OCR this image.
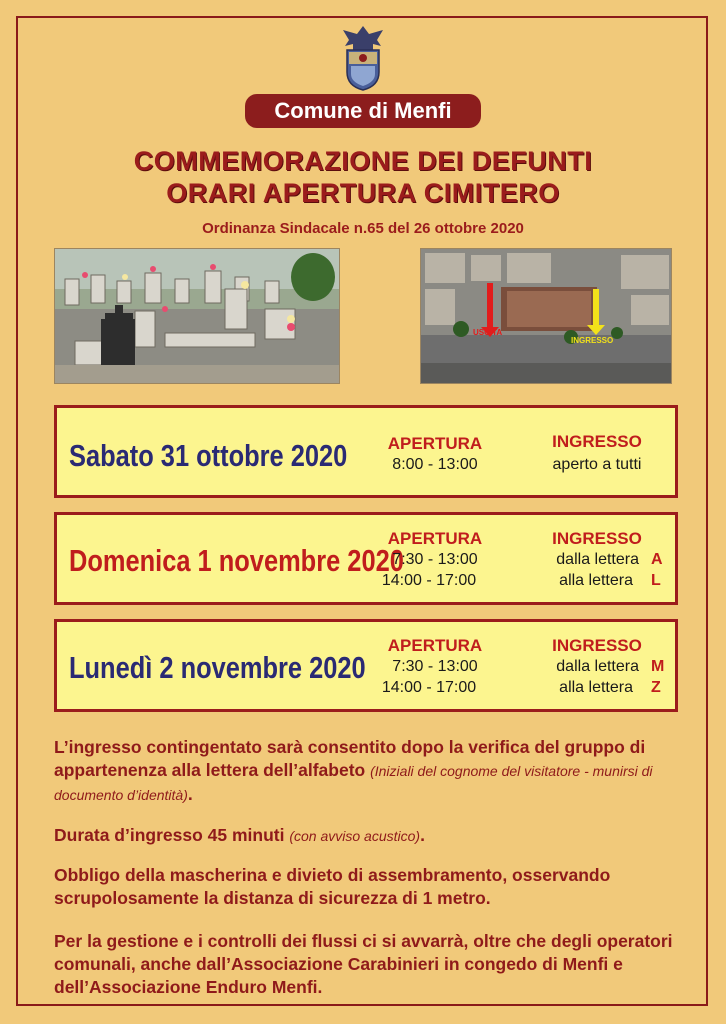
Comune di Menfi
COMMEMORAZIONE DEI DEFUNTI
ORARI APERTURA CIMITERO
Ordinanza Sindacale n.65 del 26 ottobre 2020
USCITA
INGRESSO
Sabato 31 ottobre 2020	APERTURA
8:00 - 13:00
INGRESSO
aperto a tutti
Domenica 1 novembre 2020
APERTURA
7:30 - 13:00
14:00 - 17:00
INGRESSO
dalla lettera A
alla lettera L
Lunedì 2 novembre 2020
APERTURA
7:30 - 13:00
14:00 - 17:00
INGRESSO
dalla lettera M
alla lettera Z
L’ingresso contingentato sarà consentito dopo la verifica del gruppo di appartenenza alla lettera dell’alfabeto (Iniziali del cognome del visitatore - munirsi di documento d’identità).
Durata d’ingresso 45 minuti (con avviso acustico).
Obbligo della mascherina e divieto di assembramento, osservando scrupolosamente la distanza di sicurezza di 1 metro.
Per la gestione e i controlli dei flussi ci si avvarrà, oltre che degli operatori comunali, anche dall’Associazione Carabinieri in congedo di Menfi e dell’Associazione Enduro Menfi.
